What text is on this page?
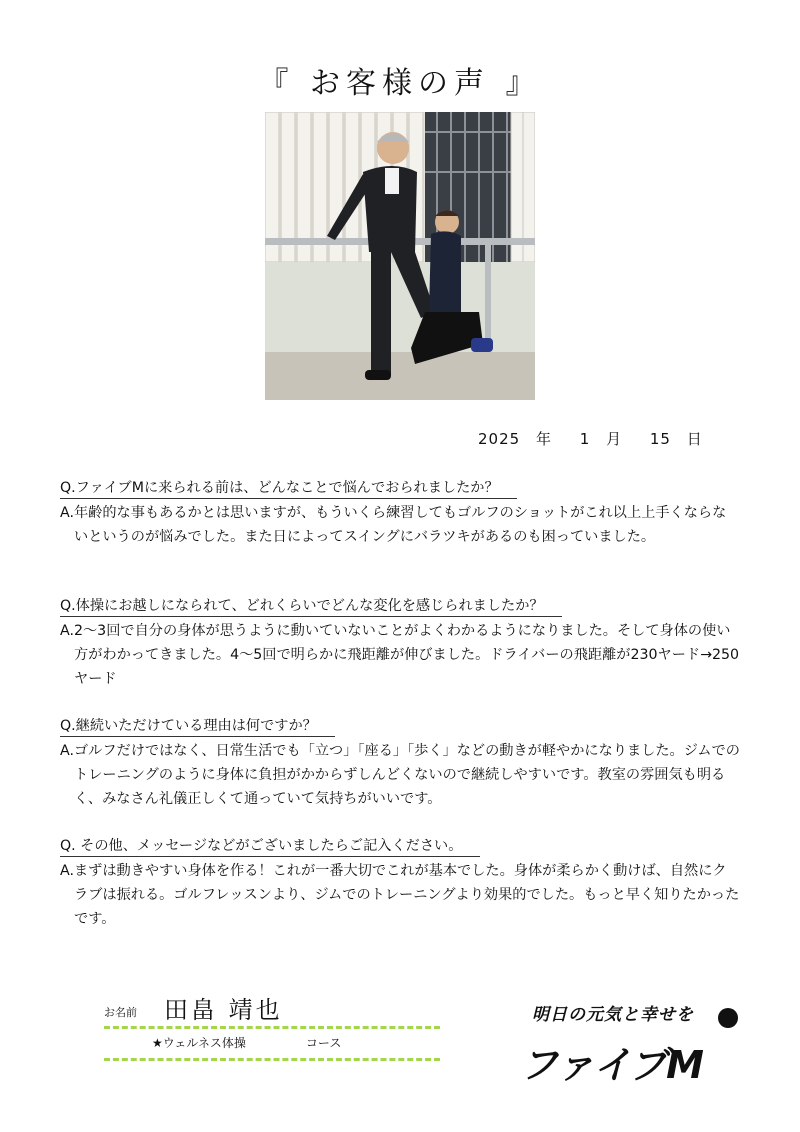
『 お客様の声 』
2025 年 1 月 15 日
Q.ファイブMに来られる前は、どんなことで悩んでおられましたか？
A.年齢的な事もあるかとは思いますが、もういくら練習してもゴルフのショットがこれ以上上手くならないというのが悩みでした。また日によってスイングにバラツキがあるのも困っていました。
Q.体操にお越しになられて、どれくらいでどんな変化を感じられましたか？
A.2～3回で自分の身体が思うように動いていないことがよくわかるようになりました。そして身体の使い方がわかってきました。4～5回で明らかに飛距離が伸びました。ドライバーの飛距離が230ヤード→250ヤード
Q.継続いただけている理由は何ですか？
A.ゴルフだけではなく、日常生活でも「立つ」「座る」「歩く」などの動きが軽やかになりました。ジムでのトレーニングのように身体に負担がかからずしんどくないので継続しやすいです。教室の雰囲気も明るく、みなさん礼儀正しくて通っていて気持ちがいいです。
Q. その他、メッセージなどがございましたらご記入ください。
A.まずは動きやすい身体を作る！これが一番大切でこれが基本でした。身体が柔らかく動けば、自然にクラブは振れる。ゴルフレッスンより、ジムでのトレーニングより効果的でした。もっと早く知りたかったです。
お名前 田畠 靖也
★ウェルネス体操	コース
明日の元気と幸せを
ファイブM
